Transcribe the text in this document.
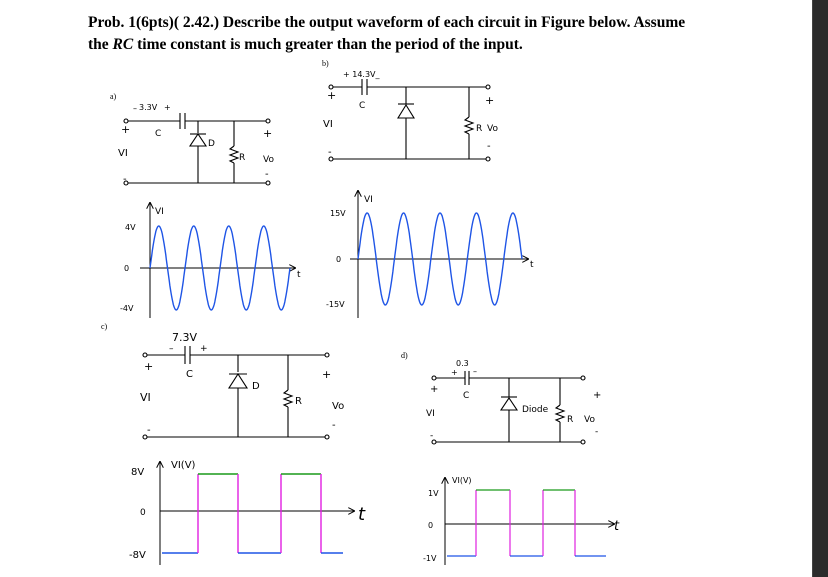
Prob. 1(6pts)( 2.42.) Describe the output waveform of each circuit in Figure below. Assume
the RC time constant is much greater than the period of the input.
a)
3.3V
–	+
C
D
R
+
VI
-
+
Vo
-
b)
+ 14.3V_
C
R
+
VI
-
+
Vo
-
VI
4V
0
-4V
t
VI
15V
0
-15V
t
c)
7.3V
–	+
C
D
R
+
VI
-
+
Vo
-
VI(V)
8V
0
-8V
t
d)
0.3
+ –
C
Diode
R
+
VI
-
+
Vo
-
VI(V)
1V
0
-1V
t
